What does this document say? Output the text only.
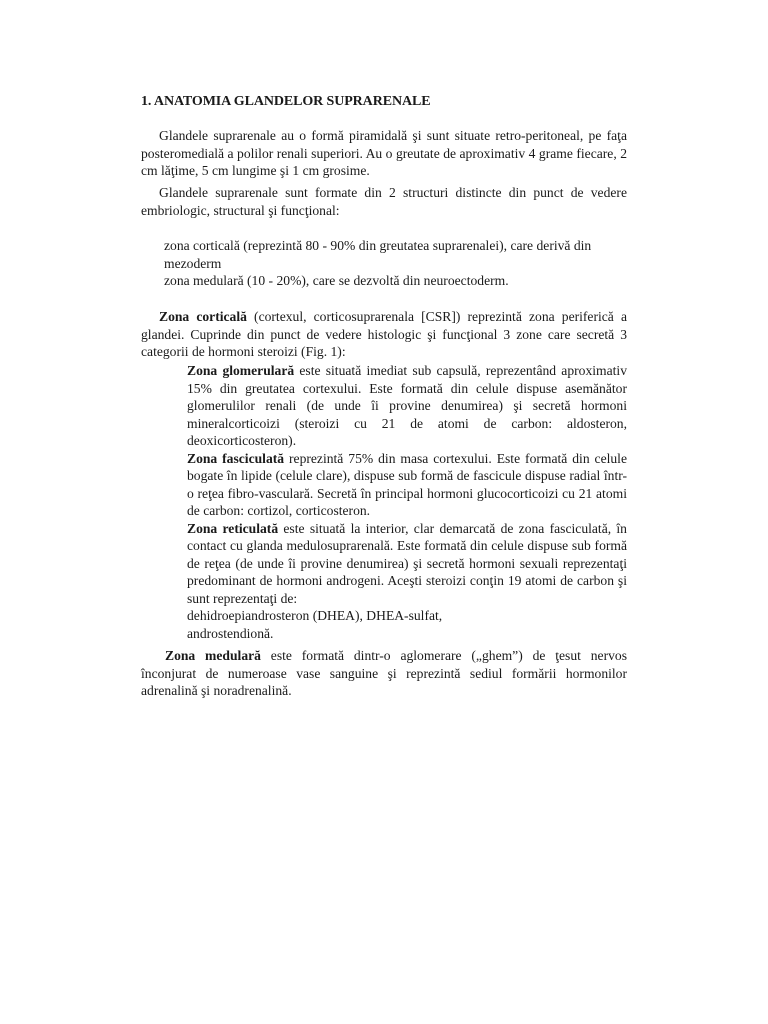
1. ANATOMIA GLANDELOR SUPRARENALE

Glandele suprarenale au o formă piramidală şi sunt situate retro-peritoneal, pe faţa posteromedială a polilor renali superiori. Au o greutate de aproximativ 4 grame fiecare, 2 cm lăţime, 5 cm lungime şi 1 cm grosime.

Glandele suprarenale sunt formate din 2 structuri distincte din punct de vedere embriologic, structural şi funcţional:

zona corticală (reprezintă 80 - 90% din greutatea suprarenalei), care derivă din mezoderm
zona medulară (10 - 20%), care se dezvoltă din neuroectoderm.

Zona corticală (cortexul, corticosuprarenala [CSR]) reprezintă zona periferică a glandei. Cuprinde din punct de vedere histologic şi funcţional 3 zone care secretă 3 categorii de hormoni steroizi (Fig. 1):

Zona glomerulară este situată imediat sub capsulă, reprezentând aproximativ 15% din greutatea cortexului. Este formată din celule dispuse asemănător glomerulilor renali (de unde îi provine denumirea) şi secretă hormoni mineralcorticoizi (steroizi cu 21 de atomi de carbon: aldosteron, deoxicorticosteron).

Zona fasciculată reprezintă 75% din masa cortexului. Este formată din celule bogate în lipide (celule clare), dispuse sub formă de fascicule dispuse radial într-o reţea fibro-vasculară. Secretă în principal hormoni glucocorticoizi cu 21 atomi de carbon: cortizol, corticosteron.

Zona reticulată este situată la interior, clar demarcată de zona fasciculată, în contact cu glanda medulosuprarenală. Este formată din celule dispuse sub formă de reţea (de unde îi provine denumirea) şi secretă hormoni sexuali reprezentaţi predominant de hormoni androgeni. Aceşti steroizi conţin 19 atomi de carbon şi sunt reprezentaţi de:

dehidroepiandrosteron (DHEA), DHEA-sulfat,
androstendionă.

Zona medulară este formată dintr-o aglomerare („ghem”) de ţesut nervos înconjurat de numeroase vase sanguine şi reprezintă sediul formării hormonilor adrenalină şi noradrenalină.
